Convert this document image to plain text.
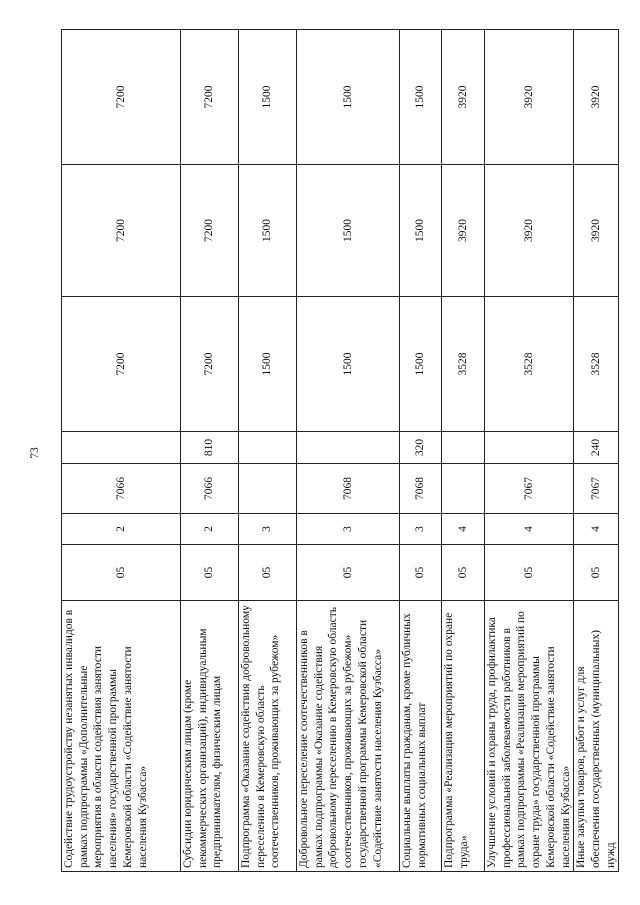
73
Содействие трудоустройству незанятых инвалидов в рамках подпрограммы «Дополнительные мероприятия в области содействия занятости населения» государственной программы Кемеровской области «Содействие занятости населения Кузбасса»	05	2	7066		7200	7200	7200
Субсидии юридическим лицам (кроме некоммерческих организаций), индивидуальным предпринимателям, физическим лицам	05	2	7066	810	7200	7200	7200
Подпрограмма «Оказание содействия добровольному переселению в Кемеровскую область соотечественников, проживающих за рубежом»	05	3			1500	1500	1500
Добровольное переселение соотечественников в рамках подпрограммы «Оказание содействия добровольному переселению в Кемеровскую область соотечественников, проживающих за рубежом» государственной программы Кемеровской области «Содействие занятости населения Кузбасса»	05	3	7068		1500	1500	1500
Социальные выплаты гражданам, кроме публичных нормативных социальных выплат	05	3	7068	320	1500	1500	1500
Подпрограмма «Реализация мероприятий по охране труда»	05	4			3528	3920	3920
Улучшение условий и охраны труда, профилактика профессиональной заболеваемости работников в рамках подпрограммы «Реализация мероприятий по охране труда» государственной программы Кемеровской области «Содействие занятости населения Кузбасса»	05	4	7067		3528	3920	3920
Иные закупки товаров, работ и услуг для обеспечения государственных (муниципальных) нужд	05	4	7067	240	3528	3920	3920
